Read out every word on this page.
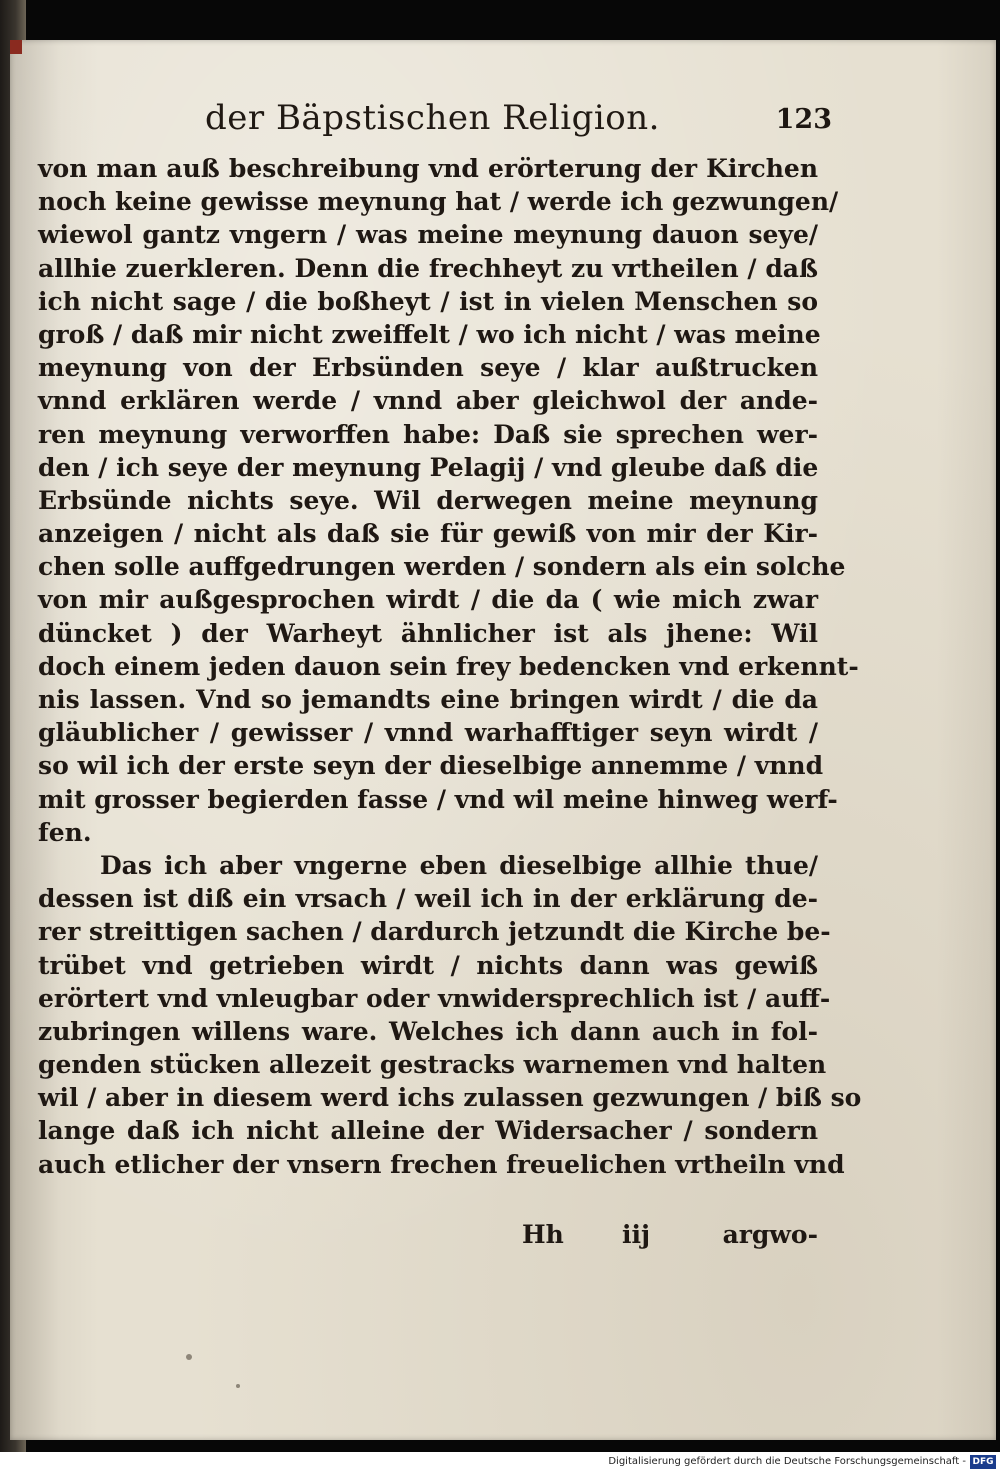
der Bäpstischen Religion.	123
von man auß beschreibung vnd erörterung der Kirchen
noch keine gewisse meynung hat / werde ich gezwungen/
wiewol gantz vngern / was meine meynung dauon seye/
allhie zuerkleren. Denn die frechheyt zu vrtheilen / daß
ich nicht sage / die boßheyt / ist in vielen Menschen so
groß / daß mir nicht zweiffelt / wo ich nicht / was meine
meynung von der Erbsünden seye / klar außtrucken
vnnd erklären werde / vnnd aber gleichwol der ande-
ren meynung verworffen habe: Daß sie sprechen wer-
den / ich seye der meynung Pelagij / vnd gleube daß die
Erbsünde nichts seye. Wil derwegen meine meynung
anzeigen / nicht als daß sie für gewiß von mir der Kir-
chen solle auffgedrungen werden / sondern als ein solche
von mir außgesprochen wirdt / die da ( wie mich zwar
düncket ) der Warheyt ähnlicher ist als jhene: Wil
doch einem jeden dauon sein frey bedencken vnd erkennt-
nis lassen. Vnd so jemandts eine bringen wirdt / die da
gläublicher / gewisser / vnnd warhafftiger seyn wirdt /
so wil ich der erste seyn der dieselbige annemme / vnnd
mit grosser begierden fasse / vnd wil meine hinweg werf-
fen.
Das ich aber vngerne eben dieselbige allhie thue/
dessen ist diß ein vrsach / weil ich in der erklärung de-
rer streittigen sachen / dardurch jetzundt die Kirche be-
trübet vnd getrieben wirdt / nichts dann was gewiß
erörtert vnd vnleugbar oder vnwidersprechlich ist / auff-
zubringen willens ware. Welches ich dann auch in fol-
genden stücken allezeit gestracks warnemen vnd halten
wil / aber in diesem werd ichs zulassen gezwungen / biß so
lange daß ich nicht alleine der Widersacher / sondern
auch etlicher der vnsern frechen freuelichen vrtheiln vnd
Hh iij	argwo-
Digitalisierung gefördert durch die Deutsche Forschungsgemeinschaft - DFG
